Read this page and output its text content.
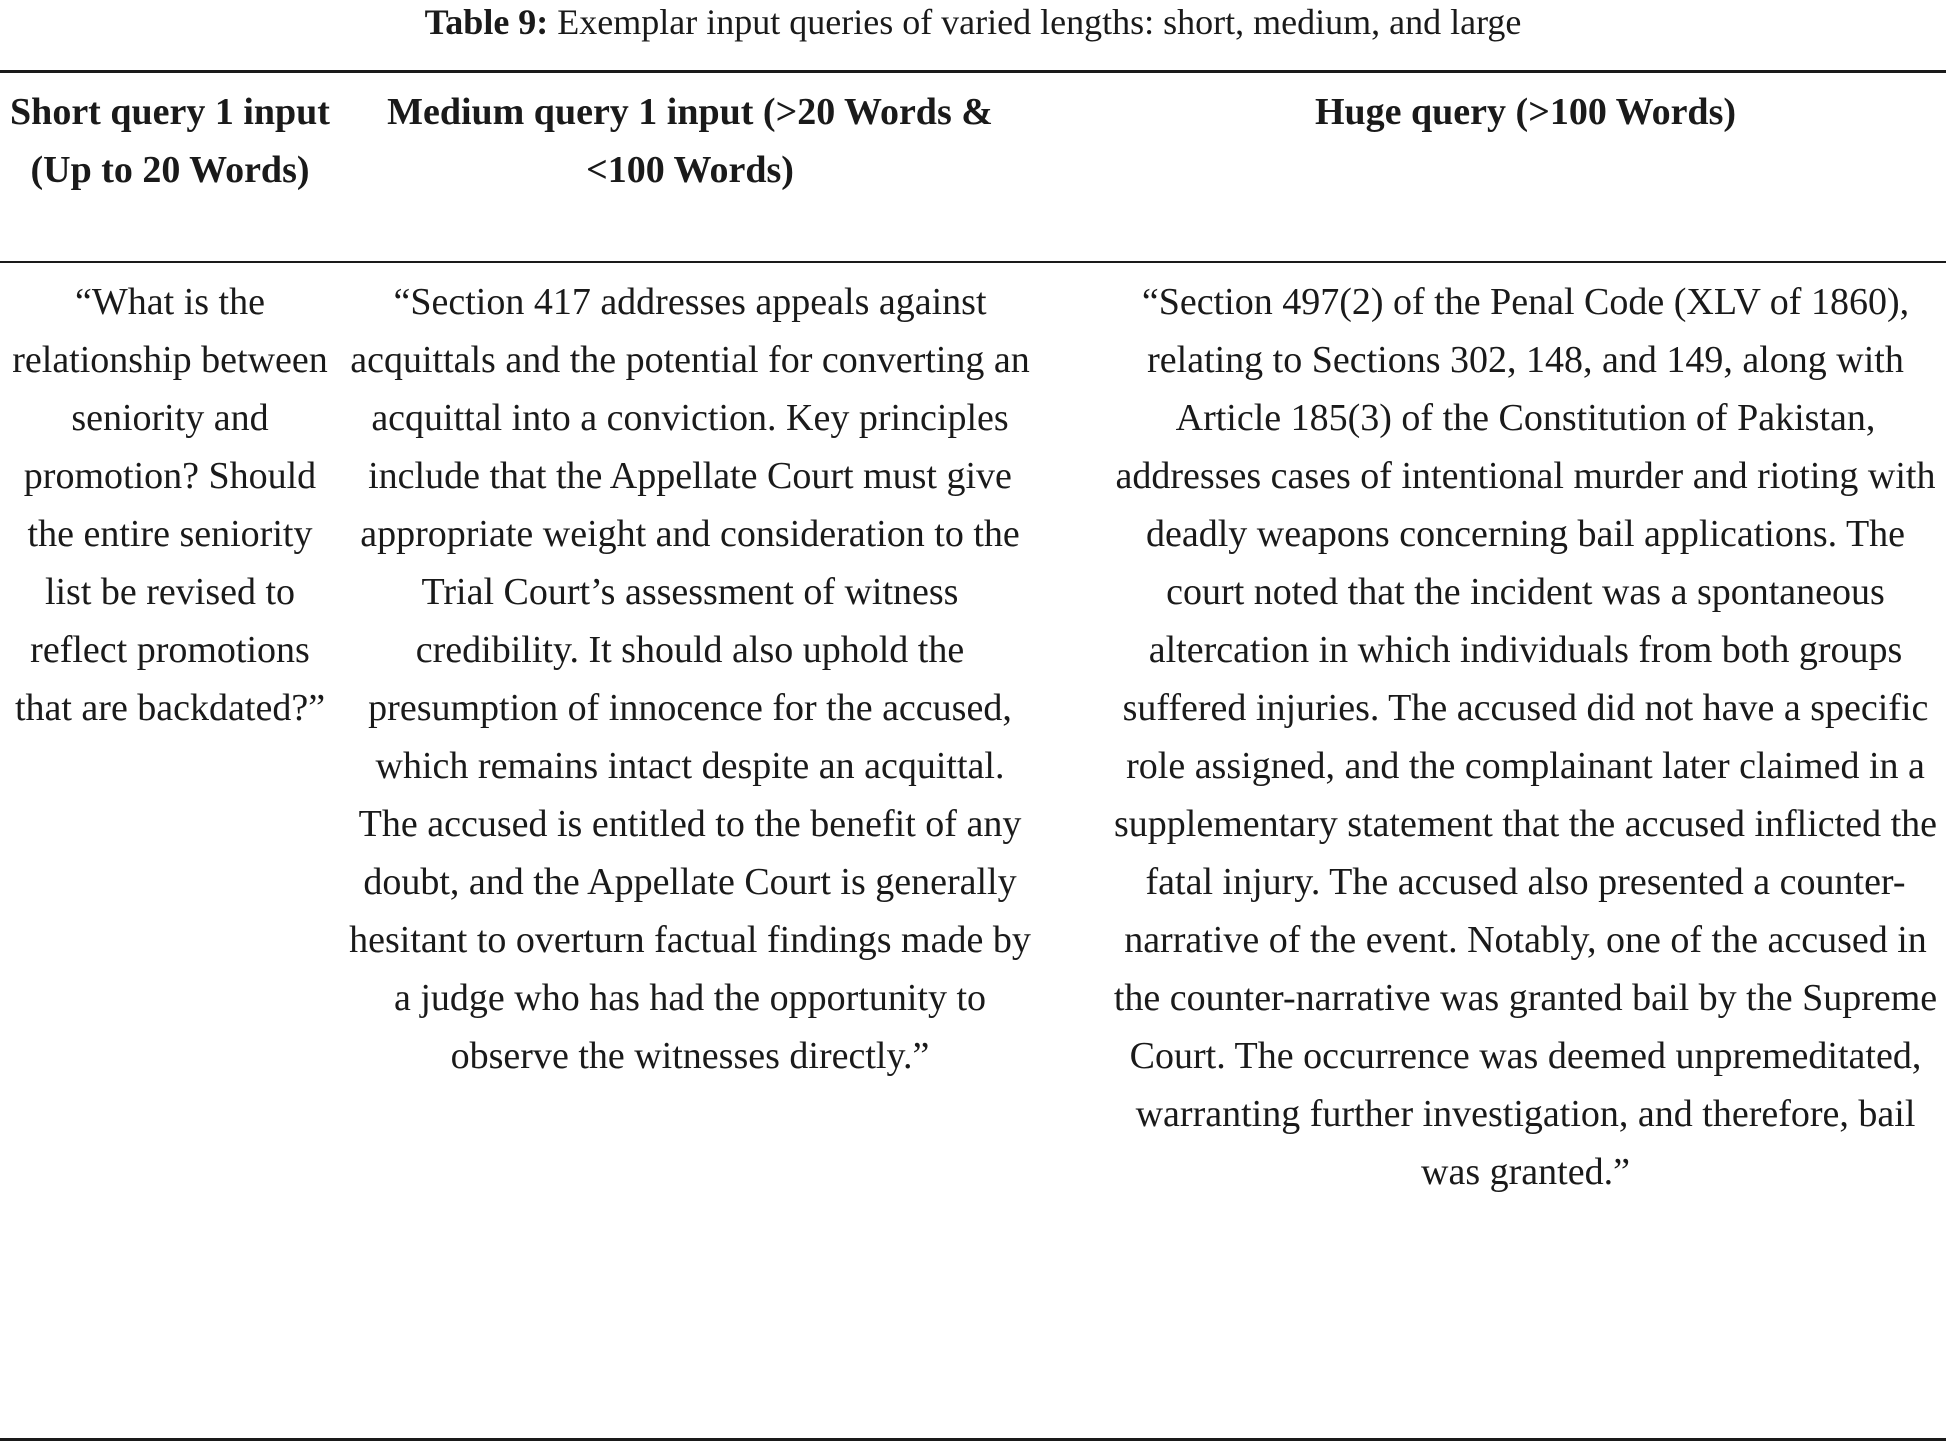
Table 9: Exemplar input queries of varied lengths: short, medium, and large

Short query 1 input (Up to 20 Words)

Medium query 1 input (>20 Words & <100 Words)

Huge query (>100 Words)

“What is the relationship between seniority and promotion? Should the entire seniority list be revised to reflect promotions that are backdated?”

“Section 417 addresses appeals against acquittals and the potential for converting an acquittal into a conviction. Key principles include that the Appellate Court must give appropriate weight and consideration to the Trial Court’s assessment of witness credibility. It should also uphold the presumption of innocence for the accused, which remains intact despite an acquittal. The accused is entitled to the benefit of any doubt, and the Appellate Court is generally hesitant to overturn factual findings made by a judge who has had the opportunity to observe the witnesses directly.”

“Section 497(2) of the Penal Code (XLV of 1860), relating to Sections 302, 148, and 149, along with Article 185(3) of the Constitution of Pakistan, addresses cases of intentional murder and rioting with deadly weapons concerning bail applications. The court noted that the incident was a spontaneous altercation in which individuals from both groups suffered injuries. The accused did not have a specific role assigned, and the complainant later claimed in a supplementary statement that the accused inflicted the fatal injury. The accused also presented a counter-narrative of the event. Notably, one of the accused in the counter-narrative was granted bail by the Supreme Court. The occurrence was deemed unpremeditated, warranting further investigation, and therefore, bail was granted.”
